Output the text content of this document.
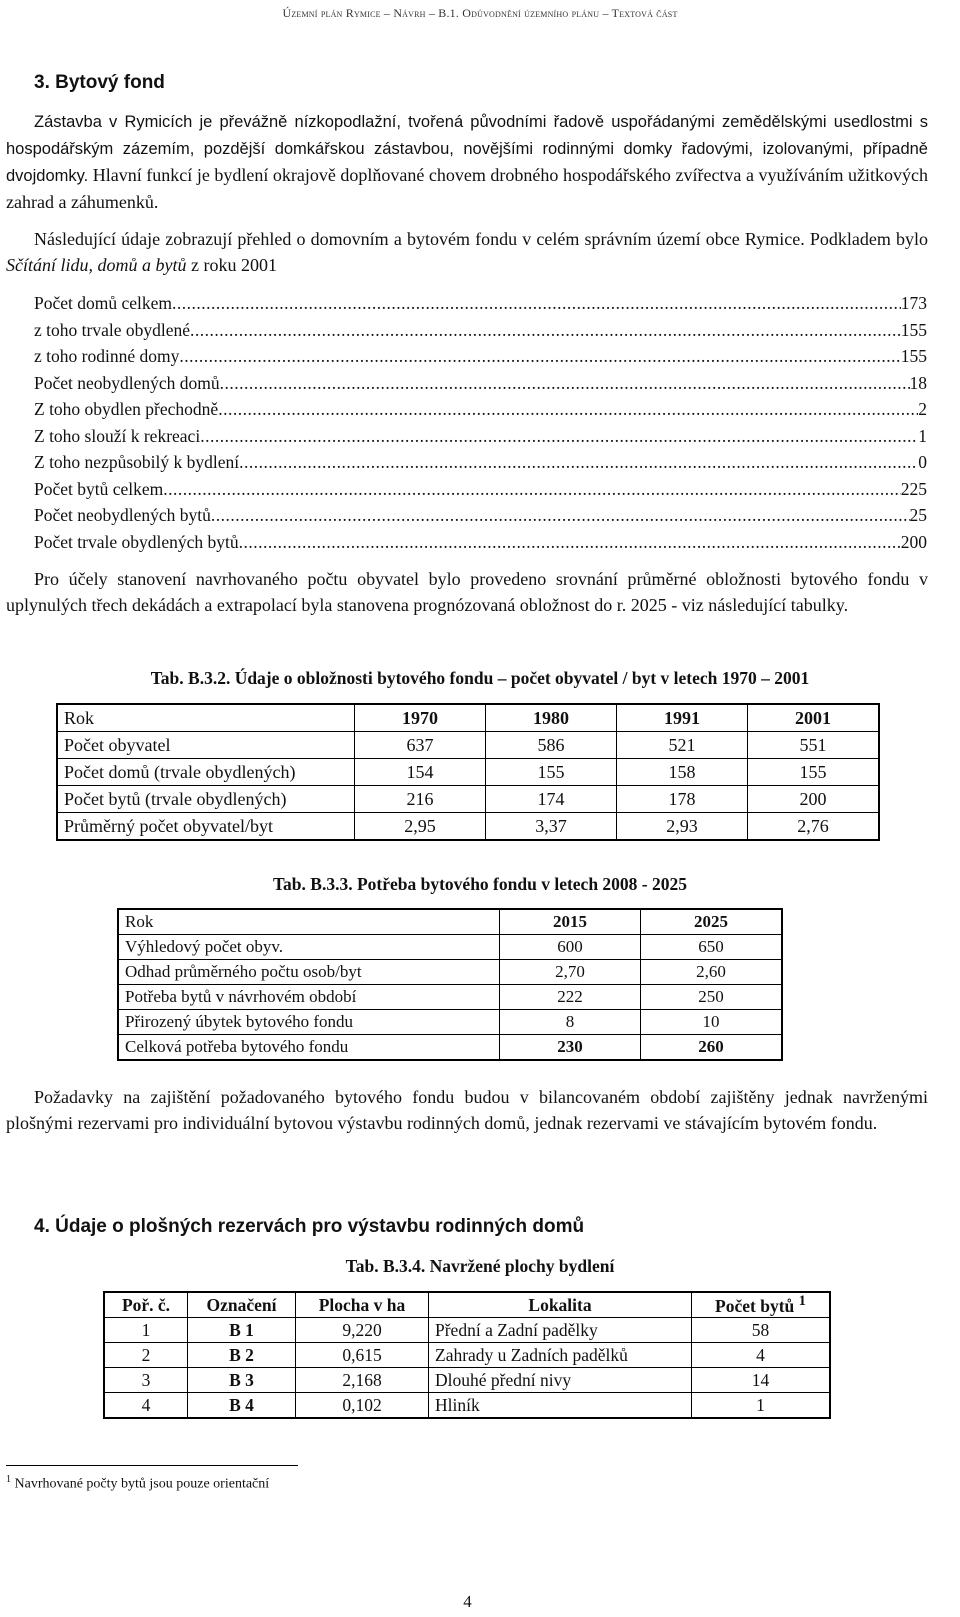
Územní plán Rymice – Návrh – B.1. Odůvodnění územního plánu – Textová část
3. Bytový fond

Zástavba v Rymicích je převážně nízkopodlažní, tvořená původními řadově uspořádanými zemědělskými usedlostmi s hospodářským zázemím, pozdější domkářskou zástavbou, novějšími rodinnými domky řadovými, izolovanými, případně dvojdomky. Hlavní funkcí je bydlení okrajově doplňované chovem drobného hospodářského zvířectva a využíváním užitkových zahrad a záhumenků.

Následující údaje zobrazují přehled o domovním a bytovém fondu v celém správním území obce Rymice. Podkladem bylo Sčítání lidu, domů a bytů z roku 2001

Počet domů celkem .....	173
z toho trvale obydlené .....	155
z toho rodinné domy .....	155
Počet neobydlených domů .....	18
Z toho obydlen přechodně .....	2
Z toho slouží k rekreaci .....	1
Z toho nezpůsobilý k bydlení .....	0
Počet bytů celkem .....	225
Počet neobydlených bytů .....	25
Počet trvale obydlených bytů .....	200

Pro účely stanovení navrhovaného počtu obyvatel bylo provedeno srovnání průměrné obložnosti bytového fondu v uplynulých třech dekádách a extrapolací byla stanovena prognózovaná obložnost do r. 2025 - viz následující tabulky.

Tab. B.3.2. Údaje o obložnosti bytového fondu – počet obyvatel / byt v letech 1970 – 2001
Rok	1970	1980	1991	2001
Počet obyvatel	637	586	521	551
Počet domů (trvale obydlených)	154	155	158	155
Počet bytů (trvale obydlených)	216	174	178	200
Průměrný počet obyvatel/byt	2,95	3,37	2,93	2,76
Tab. B.3.3. Potřeba bytového fondu v letech 2008 - 2025
Rok	2015	2025
Výhledový počet obyv.	600	650
Odhad průměrného počtu osob/byt	2,70	2,60
Potřeba bytů v návrhovém období	222	250
Přirozený úbytek bytového fondu	8	10
Celková potřeba bytového fondu	230	260

Požadavky na zajištění požadovaného bytového fondu budou v bilancovaném období zajištěny jednak navrženými plošnými rezervami pro individuální bytovou výstavbu rodinných domů, jednak rezervami ve stávajícím bytovém fondu.

4. Údaje o plošných rezervách pro výstavbu rodinných domů
Tab. B.3.4. Navržené plochy bydlení
Poř. č.	Označení	Plocha v ha	Lokalita	Počet bytů $^1$
1	B 1	9,220	Přední a Zadní padělky	58
2	B 2	0,615	Zahrady u Zadních padělků	4
3	B 3	2,168	Dlouhé přední nivy	14
4	B 4	0,102	Hliník	1
$^1$ Navrhované počty bytů jsou pouze orientační
4
